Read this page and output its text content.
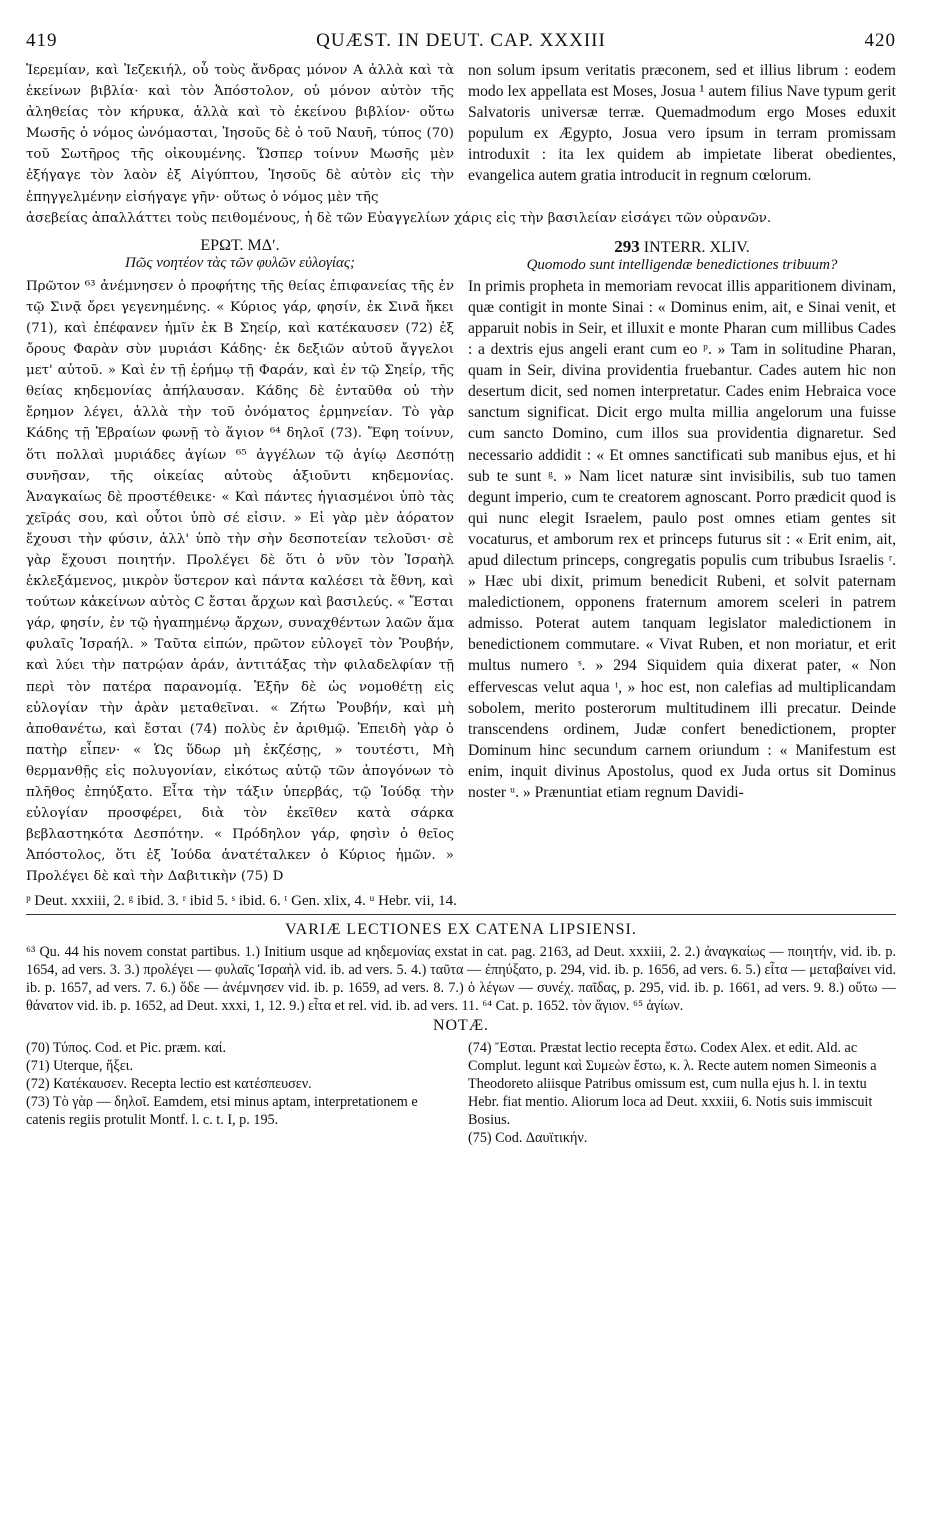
419	QUÆST. IN DEUT. CAP. XXXIII	420

Ἰερεμίαν, καὶ Ἰεζεκιήλ, οὗ τοὺς ἄνδρας μόνον A ἀλλὰ καὶ τὰ ἐκείνων βιβλία· καὶ τὸν Ἀπόστολον, οὐ μόνον αὐτὸν τῆς ἀληθείας τὸν κήρυκα, ἀλλὰ καὶ τὸ ἐκείνου βιβλίον· οὕτω Μωσῆς ὁ νόμος ὠνόμασται, Ἰησοῦς δὲ ὁ τοῦ Ναυῆ, τύπος (70) τοῦ Σωτῆρος τῆς οἰκουμένης. Ὥσπερ τοίνυν Μωσῆς μὲν ἐξήγαγε τὸν λαὸν ἐξ Αἰγύπτου, Ἰησοῦς δὲ αὐτὸν εἰς τὴν ἐπηγγελμένην εἰσήγαγε γῆν· οὕτως ὁ νόμος μὲν τῆς

non solum ipsum veritatis præconem, sed et illius librum : eodem modo lex appellata est Moses, Josua ¹ autem filius Nave typum gerit Salvatoris universæ terræ. Quemadmodum ergo Moses eduxit populum ex Ægypto, Josua vero ipsum in terram promissam introduxit : ita lex quidem ab impietate liberat obedientes, evangelica autem gratia introducit in regnum cœlorum.

ἀσεβείας ἀπαλλάττει τοὺς πειθομένους, ἡ δὲ τῶν Εὐαγγελίων χάρις εἰς τὴν βασιλείαν εἰσάγει τῶν οὐρανῶν.
ΕΡΩΤ. ΜΔʹ.
Πῶς νοητέον τὰς τῶν φυλῶν εὐλογίας;
293 INTERR. XLIV.
Quomodo sunt intelligendæ benedictiones tribuum?

Πρῶτον ⁶³ ἀνέμνησεν ὁ προφήτης τῆς θείας ἐπιφανείας τῆς ἐν τῷ Σινᾷ ὄρει γεγενημένης. « Κύριος γάρ, φησίν, ἐκ Σινᾶ ἥκει (71), καὶ ἐπέφανεν ἡμῖν ἐκ B Σηείρ, καὶ κατέκαυσεν (72) ἐξ ὄρους Φαρὰν σὺν μυριάσι Κάδης· ἐκ δεξιῶν αὐτοῦ ἄγγελοι μετ' αὐτοῦ. » Καὶ ἐν τῇ ἐρήμῳ τῇ Φαράν, καὶ ἐν τῷ Σηείρ, τῆς θείας κηδεμονίας ἀπήλαυσαν. Κάδης δὲ ἐνταῦθα οὐ τὴν ἔρημον λέγει, ἀλλὰ τὴν τοῦ ὀνόματος ἑρμηνείαν. Τὸ γὰρ Κάδης τῇ Ἑβραίων φωνῇ τὸ ἅγιον ⁶⁴ δηλοῖ (73). Ἔφη τοίνυν, ὅτι πολλαὶ μυριάδες ἁγίων ⁶⁵ ἀγγέλων τῷ ἁγίῳ Δεσπότῃ συνῆσαν, τῆς οἰκείας αὐτοὺς ἀξιοῦντι κηδεμονίας. Ἀναγκαίως δὲ προστέθεικε· « Καὶ πάντες ἡγιασμένοι ὑπὸ τὰς χεῖράς σου, καὶ οὗτοι ὑπὸ σέ εἰσιν. » Εἰ γὰρ μὲν ἀόρατον ἔχουσι τὴν φύσιν, ἀλλ' ὑπὸ τὴν σὴν δεσποτείαν τελοῦσι· σὲ γὰρ ἔχουσι ποιητήν. Προλέγει δὲ ὅτι ὁ νῦν τὸν Ἰσραὴλ ἐκλεξάμενος, μικρὸν ὕστερον καὶ πάντα καλέσει τὰ ἔθνη, καὶ τούτων κἀκείνων αὐτὸς C ἔσται ἄρχων καὶ βασιλεύς. « Ἔσται γάρ, φησίν, ἐν τῷ ἠγαπημένῳ ἄρχων, συναχθέντων λαῶν ἅμα φυλαῖς Ἰσραήλ. » Ταῦτα εἰπών, πρῶτον εὐλογεῖ τὸν Ῥουβήν, καὶ λύει τὴν πατρῴαν ἀράν, ἀντιτάξας τὴν φιλαδελφίαν τῇ περὶ τὸν πατέρα παρανομίᾳ. Ἐξῆν δὲ ὡς νομοθέτῃ εἰς εὐλογίαν τὴν ἀρὰν μεταθεῖναι. « Ζήτω Ῥουβήν, καὶ μὴ ἀποθανέτω, καὶ ἔσται (74) πολὺς ἐν ἀριθμῷ. Ἐπειδὴ γὰρ ὁ πατὴρ εἶπεν· « Ὡς ὕδωρ μὴ ἐκζέσῃς, » τουτέστι, Μὴ θερμανθῇς εἰς πολυγονίαν, εἰκότως αὐτῷ τῶν ἀπογόνων τὸ πλῆθος ἐπηύξατο. Εἶτα τὴν τάξιν ὑπερβάς, τῷ Ἰούδᾳ τὴν εὐλογίαν προσφέρει, διὰ τὸν ἐκεῖθεν κατὰ σάρκα βεβλαστηκότα Δεσπότην. « Πρόδηλον γάρ, φησὶν ὁ θεῖος Ἀπόστολος, ὅτι ἐξ Ἰούδα ἀνατέταλκεν ὁ Κύριος ἡμῶν. » Προλέγει δὲ καὶ τὴν Δαβιτικὴν (75) D

In primis propheta in memoriam revocat illis apparitionem divinam, quæ contigit in monte Sinai : « Dominus enim, ait, e Sinai venit, et apparuit nobis in Seir, et illuxit e monte Pharan cum millibus Cades : a dextris ejus angeli erant cum eo ᵖ. » Tam in solitudine Pharan, quam in Seir, divina providentia fruebantur. Cades autem hic non desertum dicit, sed nomen interpretatur. Cades enim Hebraica voce sanctum significat. Dicit ergo multa millia angelorum una fuisse cum sancto Domino, cum illos sua providentia dignaretur. Sed necessario addidit : « Et omnes sanctificati sub manibus ejus, et hi sub te sunt ᵍ. » Nam licet naturæ sint invisibilis, sub tuo tamen degunt imperio, cum te creatorem agnoscant. Porro prædicit quod is qui nunc elegit Israelem, paulo post omnes etiam gentes sit vocaturus, et amborum rex et princeps futurus sit : « Erit enim, ait, apud dilectum princeps, congregatis populis cum tribubus Israelis ʳ. » Hæc ubi dixit, primum benedicit Rubeni, et solvit paternam maledictionem, opponens fraternum amorem sceleri in patrem admisso. Poterat autem tanquam legislator maledictionem in benedictionem commutare. « Vivat Ruben, et non moriatur, et erit multus numero ˢ. » 294 Siquidem quia dixerat pater, « Non effervescas velut aqua ᵗ, » hoc est, non calefias ad multiplicandam sobolem, merito posterorum multitudinem illi precatur. Deinde transcendens ordinem, Judæ confert benedictionem, propter Dominum hinc secundum carnem oriundum : « Manifestum est enim, inquit divinus Apostolus, quod ex Juda ortus sit Dominus noster ᵘ. » Prænuntiat etiam regnum Davidi-

ᵖ Deut. xxxiii, 2. ᵍ ibid. 3. ʳ ibid 5. ˢ ibid. 6. ᵗ Gen. xlix, 4. ᵘ Hebr. vii, 14.
VARIÆ LECTIONES EX CATENA LIPSIENSI.
⁶³ Qu. 44 his novem constat partibus. 1.) Initium usque ad κηδεμονίας exstat in cat. pag. 2163, ad Deut. xxxiii, 2. 2.) ἀναγκαίως — ποιητήν, vid. ib. p. 1654, ad vers. 3. 3.) προλέγει — φυλαῖς Ἰσραὴλ vid. ib. ad vers. 5. 4.) ταῦτα — ἐπηύξατο, p. 294, vid. ib. p. 1656, ad vers. 6. 5.) εἶτα — μεταβαίνει vid. ib. p. 1657, ad vers. 7. 6.) ὅδε — ἀνέμνησεν vid. ib. p. 1659, ad vers. 8. 7.) ὁ λέγων — συνέχ. παῖδας, p. 295, vid. ib. p. 1661, ad vers. 9. 8.) οὕτω — θάνατον vid. ib. p. 1652, ad Deut. xxxi, 1, 12. 9.) εἶτα et rel. vid. ib. ad vers. 11. ⁶⁴ Cat. p. 1652. τὸν ἅγιον. ⁶⁵ ἁγίων.
NOTÆ.

(70) Τύπος. Cod. et Pic. præm. καί.

(71) Uterque, ἥξει.

(72) Κατέκαυσεν. Recepta lectio est κατέσπευσεν.

(73) Τὸ γὰρ — δηλοῖ. Eamdem, etsi minus aptam, interpretationem e catenis regiis protulit Montf. l. c. t. I, p. 195.

(74) Ἔσται. Præstat lectio recepta ἔστω. Codex Alex. et edit. Ald. ac Complut. legunt καὶ Συμεὼν ἔστω, κ. λ. Recte autem nomen Simeonis a Theodoreto aliisque Patribus omissum est, cum nulla ejus h. l. in textu Hebr. fiat mentio. Aliorum loca ad Deut. xxxiii, 6. Notis suis immiscuit Bosius.

(75) Cod. Δαυϊτικήν.
